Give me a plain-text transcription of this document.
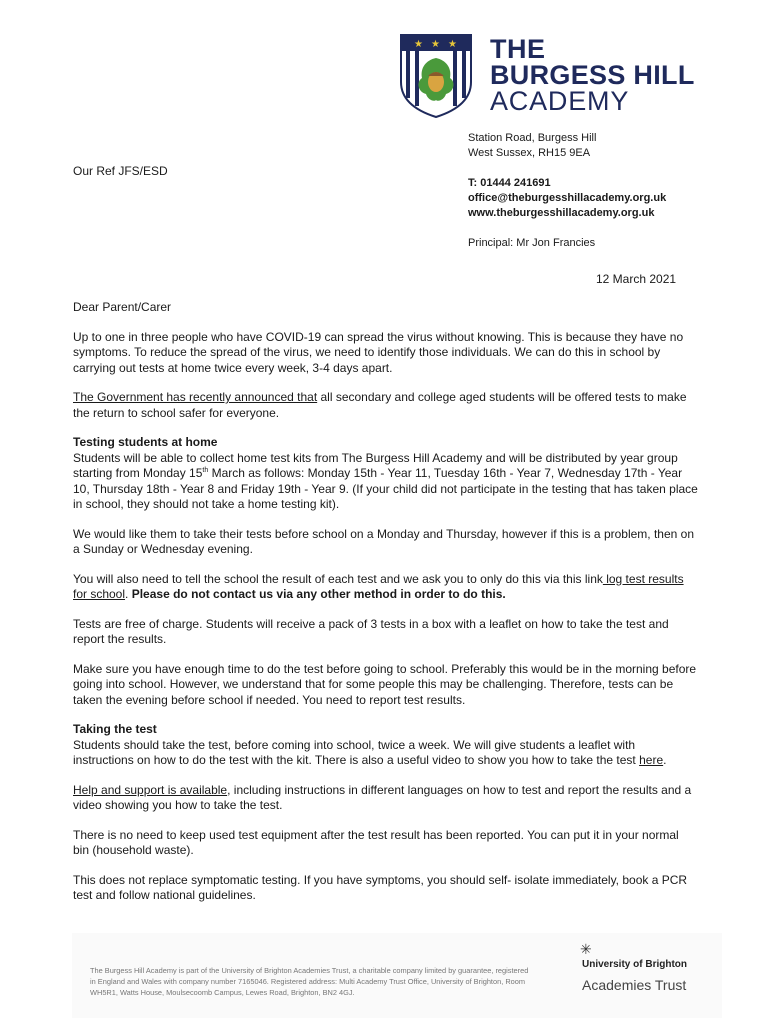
★ ★ ★ THE
BURGESS HILL
ACADEMY
Station Road, Burgess Hill
West Sussex, RH15 9EA
T: 01444 241691
office@theburgesshillacademy.org.uk
www.theburgesshillacademy.org.uk
Principal: Mr Jon Francies
Our Ref JFS/ESD
12 March 2021

Dear Parent/Carer

Up to one in three people who have COVID-19 can spread the virus without knowing. This is because they have no symptoms. To reduce the spread of the virus, we need to identify those individuals. We can do this in school by carrying out tests at home twice every week, 3-4 days apart.

The Government has recently announced that all secondary and college aged students will be offered tests to make the return to school safer for everyone.

Testing students at home

Students will be able to collect home test kits from The Burgess Hill Academy and will be distributed by year group starting from Monday 15th March as follows: Monday 15th - Year 11, Tuesday 16th - Year 7, Wednesday 17th - Year 10, Thursday 18th - Year 8 and Friday 19th - Year 9. (If your child did not participate in the testing that has taken place in school, they should not take a home testing kit).

We would like them to take their tests before school on a Monday and Thursday, however if this is a problem, then on a Sunday or Wednesday evening.

You will also need to tell the school the result of each test and we ask you to only do this via this link log test results for school. Please do not contact us via any other method in order to do this.

Tests are free of charge. Students will receive a pack of 3 tests in a box with a leaflet on how to take the test and report the results.

Make sure you have enough time to do the test before going to school. Preferably this would be in the morning before going into school. However, we understand that for some people this may be challenging. Therefore, tests can be taken the evening before school if needed. You need to report test results.

Taking the test

Students should take the test, before coming into school, twice a week. We will give students a leaflet with instructions on how to do the test with the kit. There is also a useful video to show you how to take the test here.

Help and support is available, including instructions in different languages on how to test and report the results and a video showing you how to take the test.

There is no need to keep used test equipment after the test result has been reported. You can put it in your normal bin (household waste).

This does not replace symptomatic testing. If you have symptoms, you should self- isolate immediately, book a PCR test and follow national guidelines.

The Burgess Hill Academy is part of the University of Brighton Academies Trust, a charitable company limited by guarantee, registered in England and Wales with company number 7165046. Registered address: Multi Academy Trust Office, University of Brighton, Room WH5R1, Watts House, Moulsecoomb Campus, Lewes Road, Brighton, BN2 4GJ.
✳
University of Brighton
Academies Trust
